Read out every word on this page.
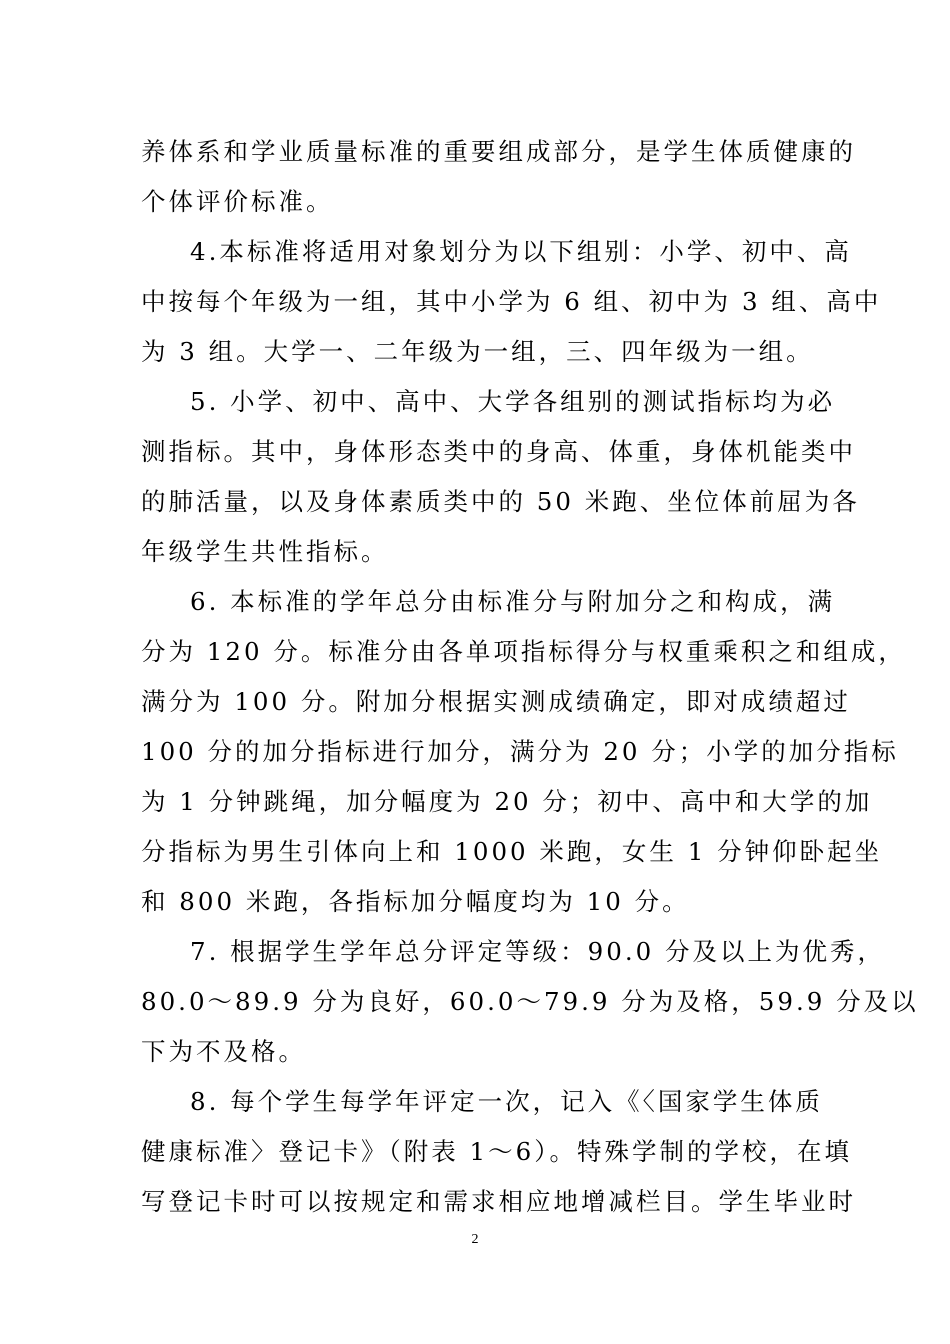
养体系和学业质量标准的重要组成部分，是学生体质健康的
个体评价标准。
4.本标准将适用对象划分为以下组别：小学、初中、高
中按每个年级为一组，其中小学为 6 组、初中为 3 组、高中
为 3 组。大学一、二年级为一组，三、四年级为一组。
5. 小学、初中、高中、大学各组别的测试指标均为必
测指标。其中，身体形态类中的身高、体重，身体机能类中
的肺活量，以及身体素质类中的 50 米跑、坐位体前屈为各
年级学生共性指标。
6. 本标准的学年总分由标准分与附加分之和构成，满
分为 120 分。标准分由各单项指标得分与权重乘积之和组成，
满分为 100 分。附加分根据实测成绩确定，即对成绩超过
100 分的加分指标进行加分，满分为 20 分；小学的加分指标
为 1 分钟跳绳，加分幅度为 20 分；初中、高中和大学的加
分指标为男生引体向上和 1000 米跑，女生 1 分钟仰卧起坐
和 800 米跑，各指标加分幅度均为 10 分。
7. 根据学生学年总分评定等级：90.0 分及以上为优秀，
80.0～89.9 分为良好，60.0～79.9 分为及格，59.9 分及以
下为不及格。
8. 每个学生每学年评定一次，记入《〈国家学生体质
健康标准〉登记卡》（附表 1～6）。特殊学制的学校，在填
写登记卡时可以按规定和需求相应地增减栏目。学生毕业时
2
